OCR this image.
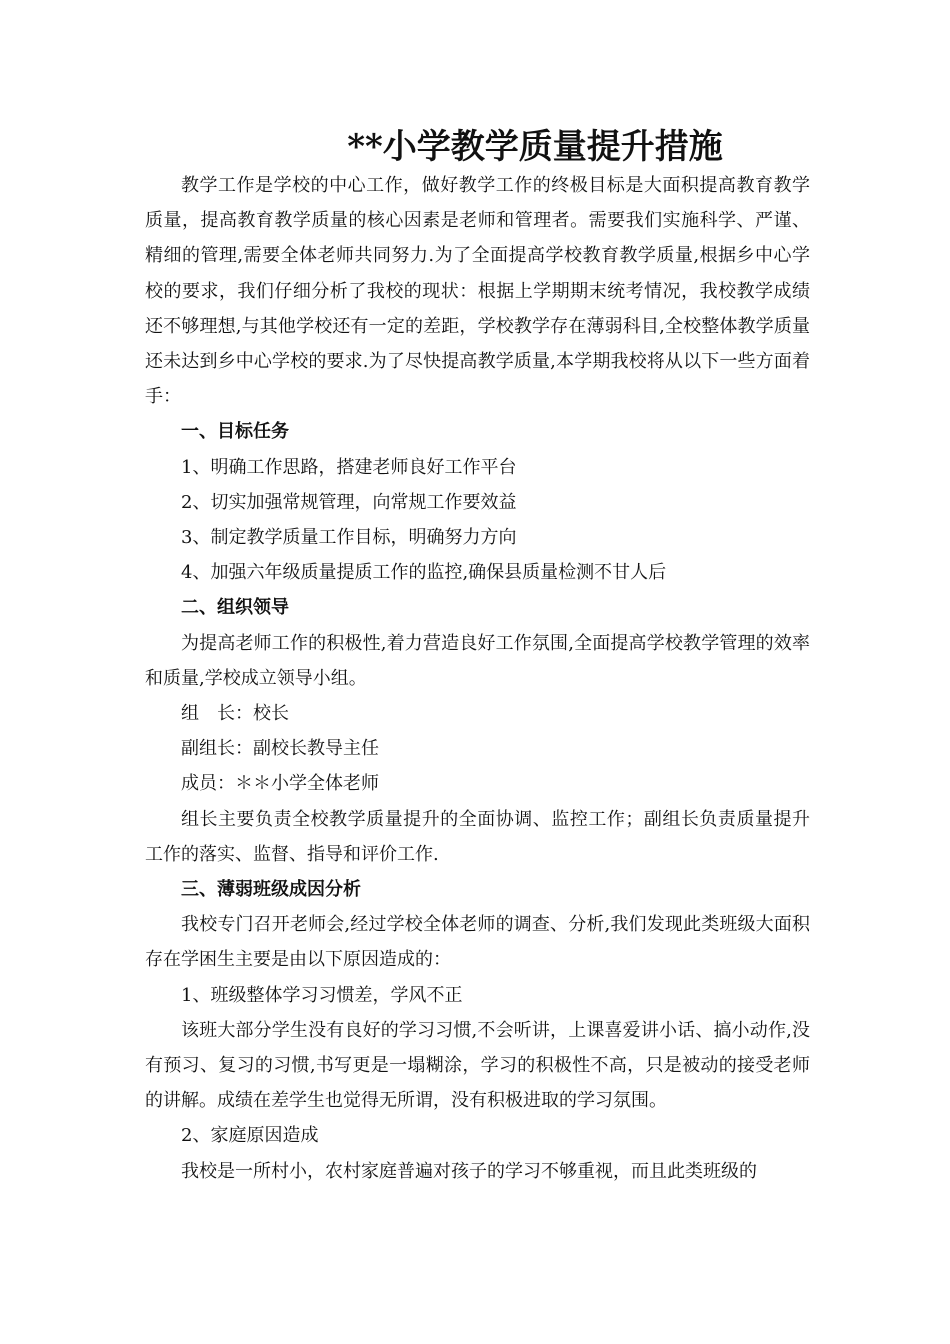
**小学教学质量提升措施

教学工作是学校的中心工作，做好教学工作的终极目标是大面积提高教育教学质量，提高教育教学质量的核心因素是老师和管理者。需要我们实施科学、严谨、精细的管理,需要全体老师共同努力.为了全面提高学校教育教学质量,根据乡中心学校的要求，我们仔细分析了我校的现状：根据上学期期末统考情况，我校教学成绩还不够理想,与其他学校还有一定的差距，学校教学存在薄弱科目,全校整体教学质量还未达到乡中心学校的要求.为了尽快提高教学质量,本学期我校将从以下一些方面着手：

一、目标任务

1、明确工作思路，搭建老师良好工作平台

2、切实加强常规管理，向常规工作要效益

3、制定教学质量工作目标，明确努力方向

4、加强六年级质量提质工作的监控,确保县质量检测不甘人后

二、组织领导

为提高老师工作的积极性,着力营造良好工作氛围,全面提高学校教学管理的效率和质量,学校成立领导小组。

组　长：校长

副组长：副校长教导主任

成员：＊＊小学全体老师

组长主要负责全校教学质量提升的全面协调、监控工作；副组长负责质量提升工作的落实、监督、指导和评价工作.

三、薄弱班级成因分析

我校专门召开老师会,经过学校全体老师的调查、分析,我们发现此类班级大面积存在学困生主要是由以下原因造成的：

1、班级整体学习习惯差，学风不正

该班大部分学生没有良好的学习习惯,不会听讲，上课喜爱讲小话、搞小动作,没有预习、复习的习惯,书写更是一塌糊涂，学习的积极性不高，只是被动的接受老师的讲解。成绩在差学生也觉得无所谓，没有积极进取的学习氛围。

2、家庭原因造成

我校是一所村小，农村家庭普遍对孩子的学习不够重视，而且此类班级的
